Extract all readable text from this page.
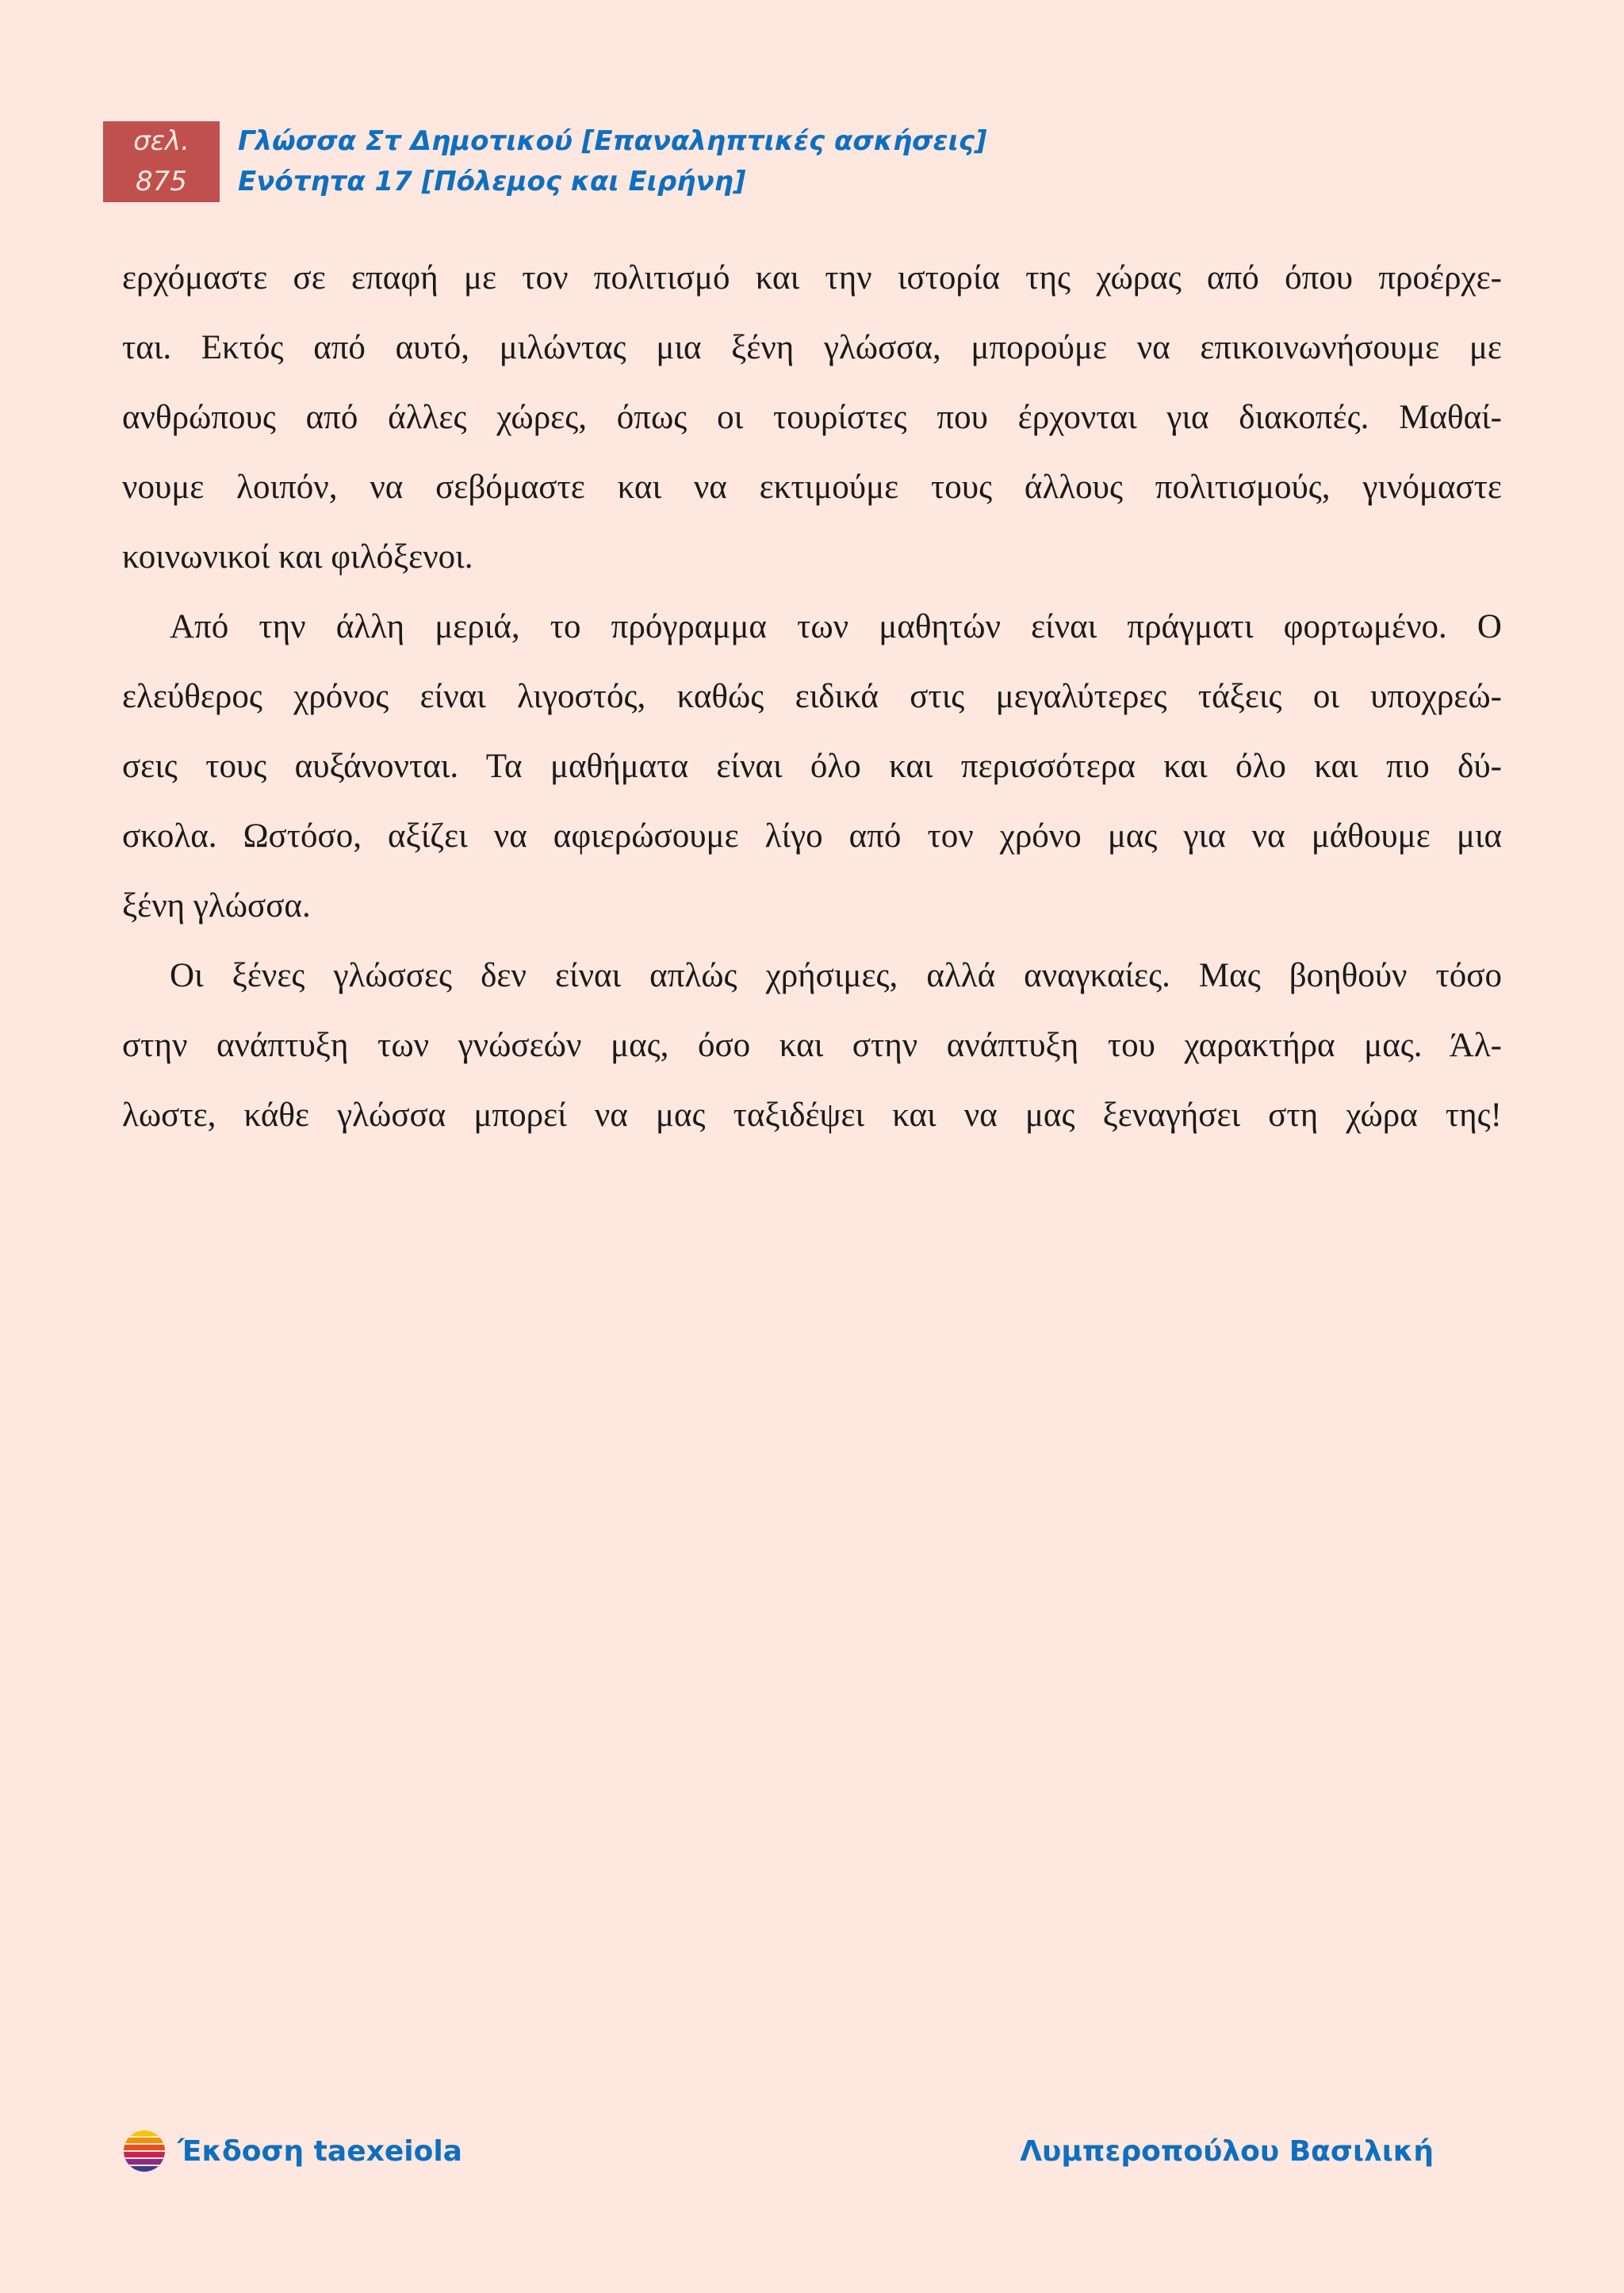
σελ.
875
Γλώσσα Στ Δημοτικού [Επαναληπτικές ασκήσεις]
Ενότητα 17 [Πόλεμος και Ειρήνη]
ερχόμαστε σε επαφή με τον πολιτισμό και την ιστορία της χώρας από όπου προέρχε-
ται. Εκτός από αυτό, μιλώντας μια ξένη γλώσσα, μπορούμε να επικοινωνήσουμε με
ανθρώπους από άλλες χώρες, όπως οι τουρίστες που έρχονται για διακοπές. Μαθαί-
νουμε λοιπόν, να σεβόμαστε και να εκτιμούμε τους άλλους πολιτισμούς, γινόμαστε
κοινωνικοί και φιλόξενοι.
Από την άλλη μεριά, το πρόγραμμα των μαθητών είναι πράγματι φορτωμένο. Ο
ελεύθερος χρόνος είναι λιγοστός, καθώς ειδικά στις μεγαλύτερες τάξεις οι υποχρεώ-
σεις τους αυξάνονται. Τα μαθήματα είναι όλο και περισσότερα και όλο και πιο δύ-
σκολα. Ωστόσο, αξίζει να αφιερώσουμε λίγο από τον χρόνο μας για να μάθουμε μια
ξένη γλώσσα.
Οι ξένες γλώσσες δεν είναι απλώς χρήσιμες, αλλά αναγκαίες. Μας βοηθούν τόσο
στην ανάπτυξη των γνώσεών μας, όσο και στην ανάπτυξη του χαρακτήρα μας. Άλ-
λωστε, κάθε γλώσσα μπορεί να μας ταξιδέψει και να μας ξεναγήσει στη χώρα της!
Έκδοση taexeiola	Λυμπεροπούλου Βασιλική
